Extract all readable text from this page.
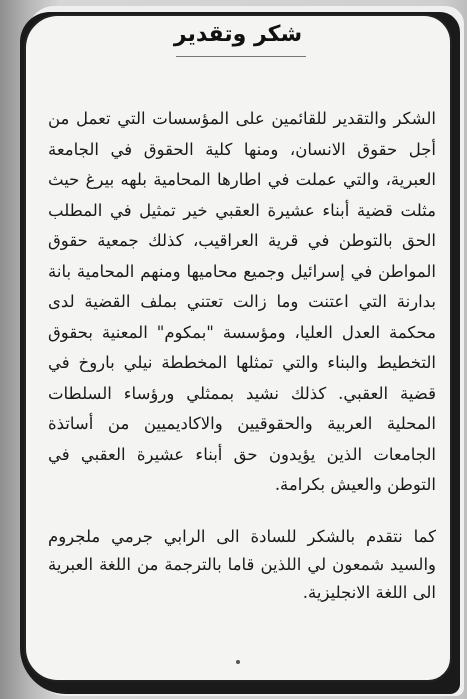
شكر وتقدير

الشكر والتقدير للقائمين على المؤسسات التي تعمل من أجل حقوق الانسان، ومنها كلية الحقوق في الجامعة العبرية، والتي عملت في اطارها المحامية بلهه بيرغ حيث مثلت قضية أبناء عشيرة العقبي خير تمثيل في المطلب الحق بالتوطن في قرية العراقيب، كذلك جمعية حقوق المواطن في إسرائيل وجميع محاميها ومنهم المحامية بانة بدارنة التي اعتنت وما زالت تعتني بملف القضية لدى محكمة العدل العليا، ومؤسسة "بمكوم" المعنية بحقوق التخطيط والبناء والتي تمثلها المخططة نيلي باروخ في قضية العقبي. كذلك نشيد بممثلي ورؤساء السلطات المحلية العربية والحقوقيين والاكاديميين من أساتذة الجامعات الذين يؤيدون حق أبناء عشيرة العقبي في التوطن والعيش بكرامة.

كما نتقدم بالشكر للسادة الى الرابي جرمي ملجروم والسيد شمعون لي اللذين قاما بالترجمة من اللغة العبرية الى اللغة الانجليزية.
